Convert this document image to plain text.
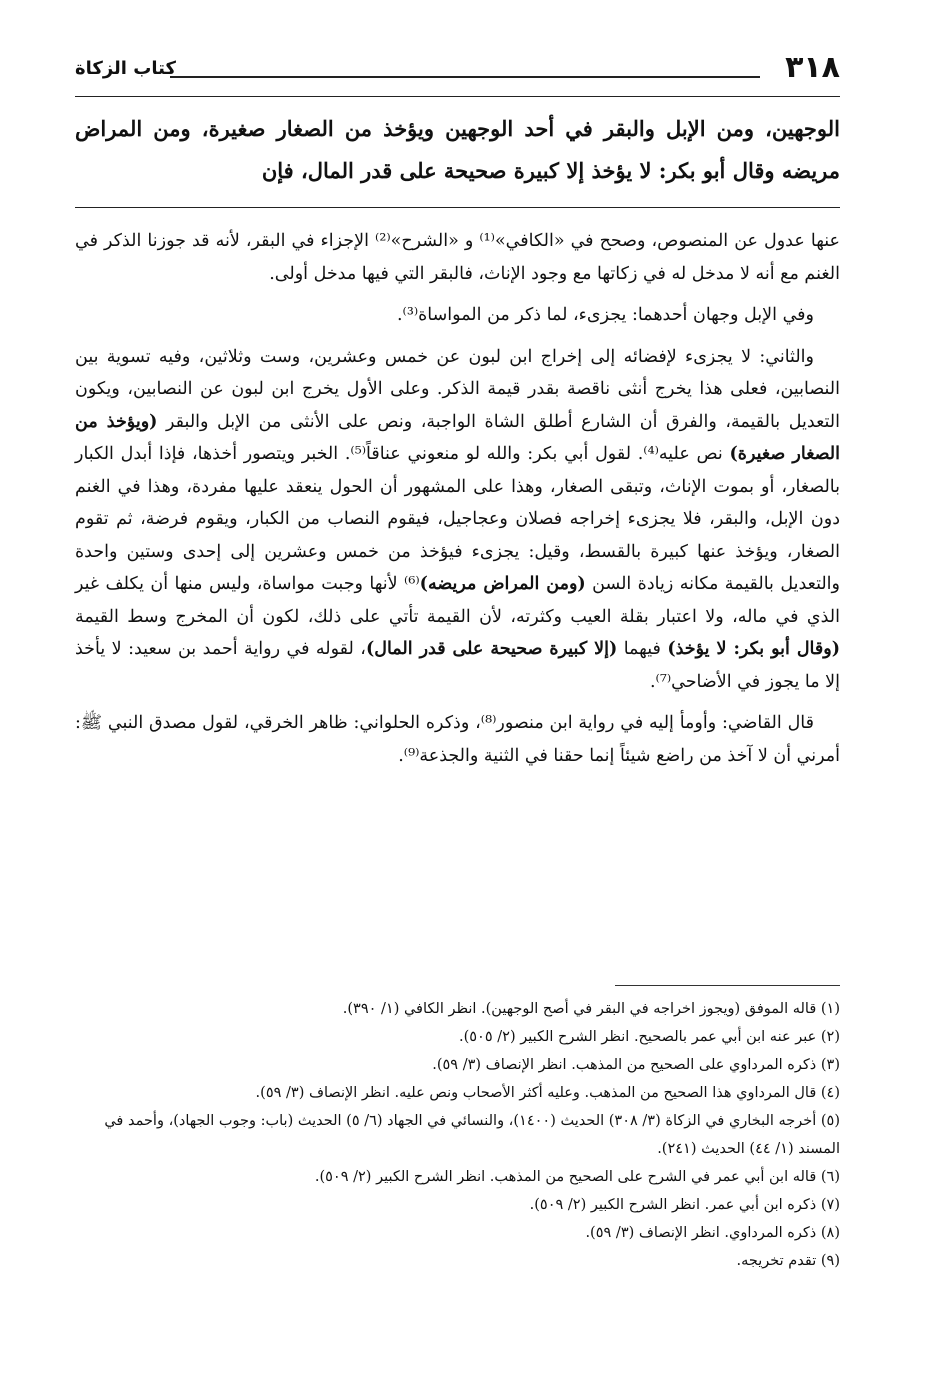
٣١٨
كتاب الزكاة
الوجهين، ومن الإبل والبقر في أحد الوجهين ويؤخذ من الصغار صغيرة، ومن المراض مريضه وقال أبو بكر: لا يؤخذ إلا كبيرة صحيحة على قدر المال، فإن

عنها عدول عن المنصوص، وصحح في «الكافي»⁽¹⁾ و «الشرح»⁽²⁾ الإجزاء في البقر، لأنه قد جوزنا الذكر في الغنم مع أنه لا مدخل له في زكاتها مع وجود الإناث، فالبقر التي فيها مدخل أولى.

وفي الإبل وجهان أحدهما: يجزىء، لما ذكر من المواساة⁽³⁾.

والثاني: لا يجزىء لإفضائه إلى إخراج ابن لبون عن خمس وعشرين، وست وثلاثين، وفيه تسوية بين النصابين، فعلى هذا يخرج أنثى ناقصة بقدر قيمة الذكر. وعلى الأول يخرج ابن لبون عن النصابين، ويكون التعديل بالقيمة، والفرق أن الشارع أطلق الشاة الواجبة، ونص على الأنثى من الإبل والبقر (ويؤخذ من الصغار صغيرة) نص عليه⁽⁴⁾. لقول أبي بكر: والله لو منعوني عناقاً⁽⁵⁾. الخبر ويتصور أخذها، فإذا أبدل الكبار بالصغار، أو بموت الإناث، وتبقى الصغار، وهذا على المشهور أن الحول ينعقد عليها مفردة، وهذا في الغنم دون الإبل، والبقر، فلا يجزىء إخراجه فصلان وعجاجيل، فيقوم النصاب من الكبار، ويقوم فرضة، ثم تقوم الصغار، ويؤخذ عنها كبيرة بالقسط، وقيل: يجزىء فيؤخذ من خمس وعشرين إلى إحدى وستين واحدة والتعديل بالقيمة مكانه زيادة السن (ومن المراض مريضه)⁽⁶⁾ لأنها وجبت مواساة، وليس منها أن يكلف غير الذي في ماله، ولا اعتبار بقلة العيب وكثرته، لأن القيمة تأتي على ذلك، لكون أن المخرج وسط القيمة (وقال أبو بكر: لا يؤخذ) فيهما (إلا كبيرة صحيحة على قدر المال)، لقوله في رواية أحمد بن سعيد: لا يأخذ إلا ما يجوز في الأضاحي⁽⁷⁾.

قال القاضي: وأومأ إليه في رواية ابن منصور⁽⁸⁾، وذكره الحلواني: ظاهر الخرقي، لقول مصدق النبي ﷺ: أمرني أن لا آخذ من راضع شيئاً إنما حقنا في الثنية والجذعة⁽⁹⁾.

(١) قاله الموفق (ويجوز اخراجه في البقر في أصح الوجهين). انظر الكافي (١/ ٣٩٠).

(٢) عبر عنه ابن أبي عمر بالصحيح. انظر الشرح الكبير (٢/ ٥٠٥).

(٣) ذكره المرداوي على الصحيح من المذهب. انظر الإنصاف (٣/ ٥٩).

(٤) قال المرداوي هذا الصحيح من المذهب. وعليه أكثر الأصحاب ونص عليه. انظر الإنصاف (٣/ ٥٩).

(٥) أخرجه البخاري في الزكاة (٣/ ٣٠٨) الحديث (١٤٠٠)، والنسائي في الجهاد (٦/ ٥) الحديث (باب: وجوب الجهاد)، وأحمد في المسند (١/ ٤٤) الحديث (٢٤١).

(٦) قاله ابن أبي عمر في الشرح على الصحيح من المذهب. انظر الشرح الكبير (٢/ ٥٠٩).

(٧) ذكره ابن أبي عمر. انظر الشرح الكبير (٢/ ٥٠٩).

(٨) ذكره المرداوي. انظر الإنصاف (٣/ ٥٩).

(٩) تقدم تخريجه.
